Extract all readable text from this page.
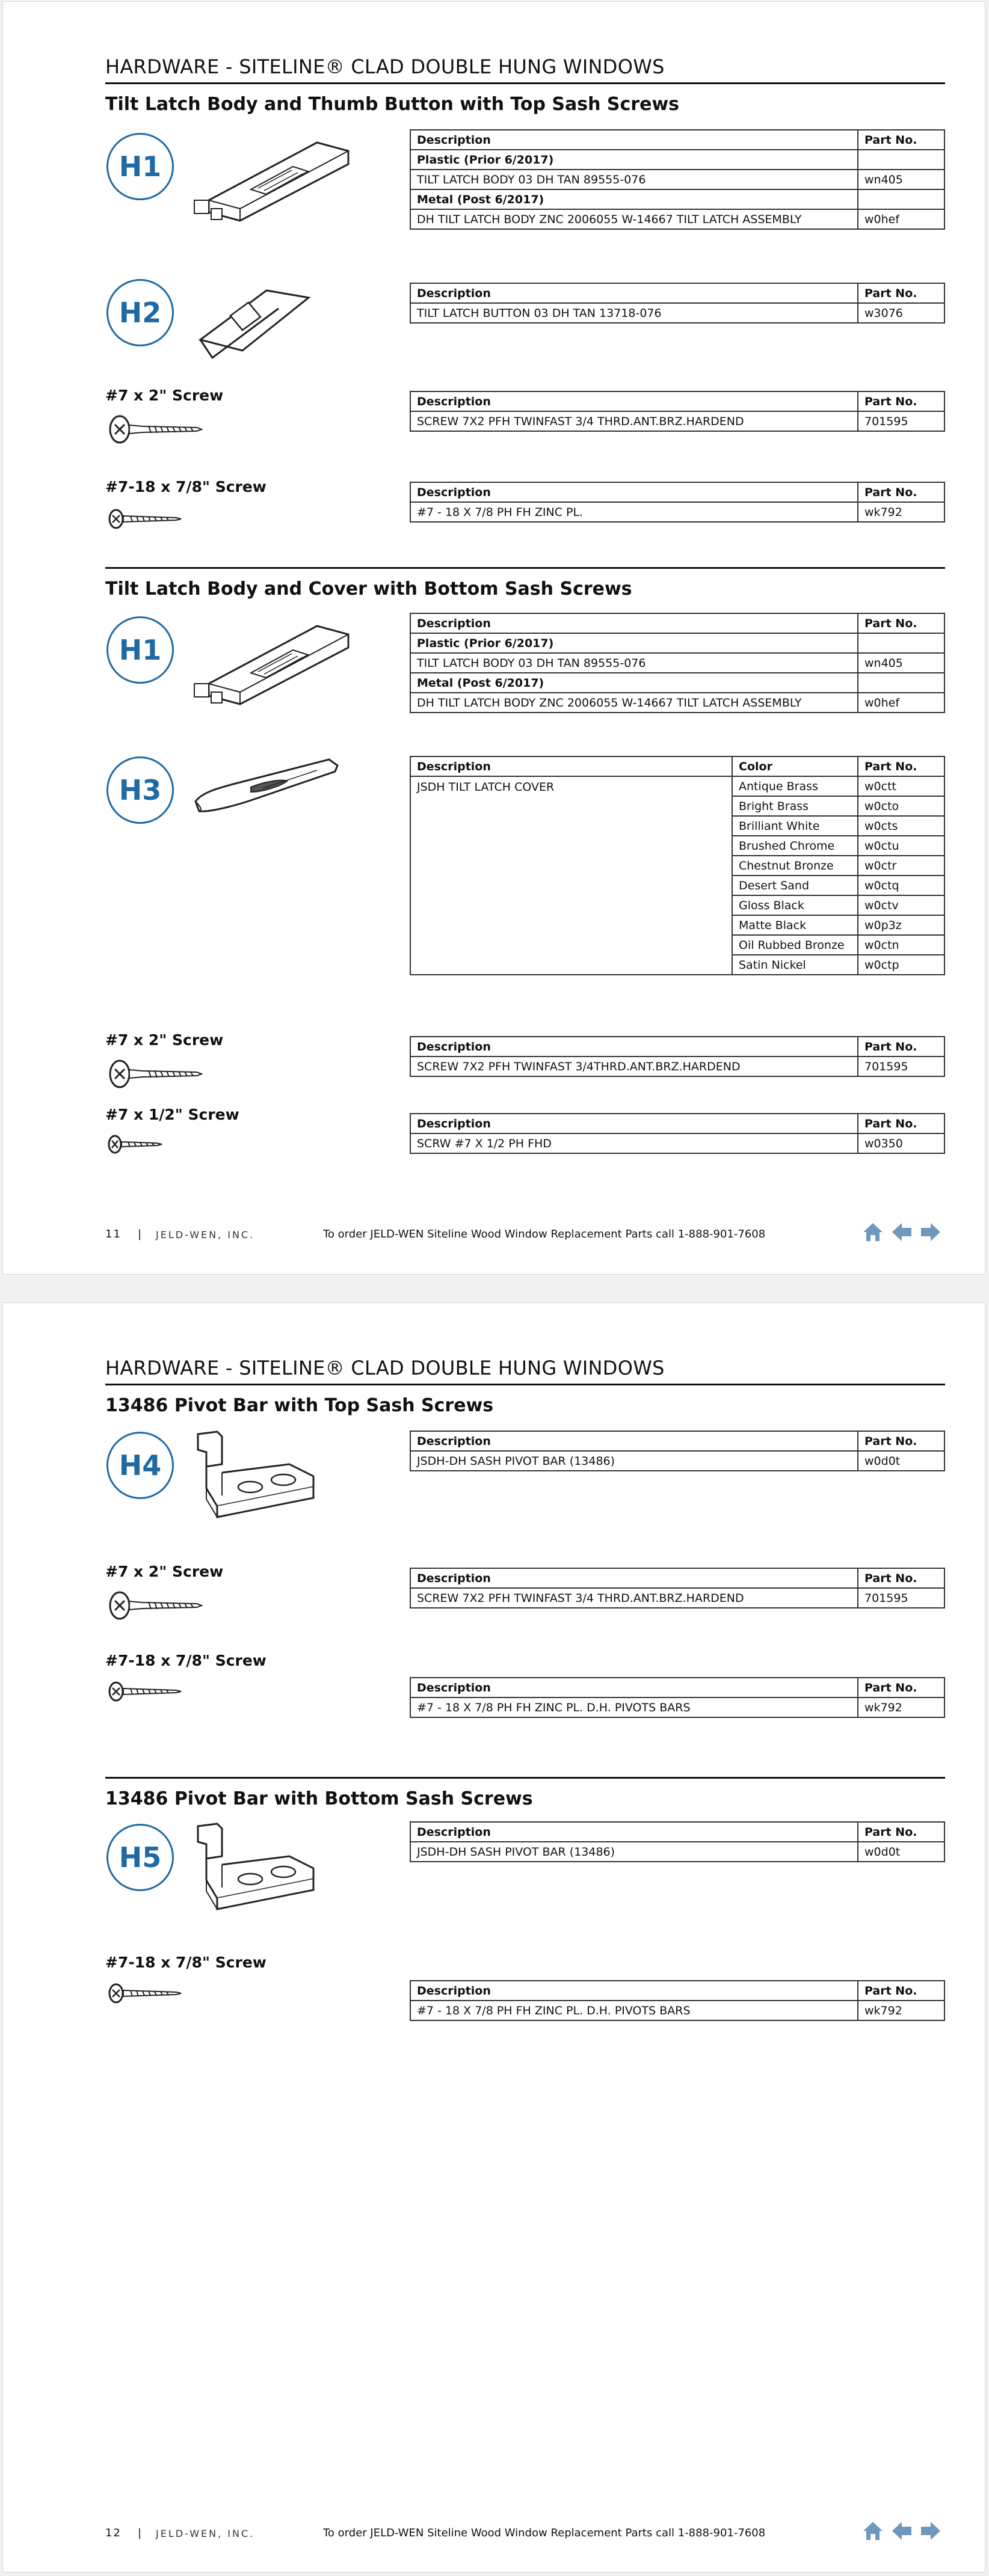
HARDWARE - SITELINE® CLAD DOUBLE HUNG WINDOWS
Tilt Latch Body and Thumb Button with Top Sash Screws
H1
Description	Part No.
Plastic (Prior 6/2017)	
TILT LATCH BODY 03 DH TAN 89555-076	wn405
Metal (Post 6/2017)	
DH TILT LATCH BODY ZNC 2006055 W-14667 TILT LATCH ASSEMBLY	w0hef
H2
Description	Part No.
TILT LATCH BUTTON 03 DH TAN 13718-076	w3076
#7 x 2" Screw	Description	Part No.
SCREW 7X2 PFH TWINFAST 3/4 THRD.ANT.BRZ.HARDEND	701595
#7-18 x 7/8" Screw	Description	Part No.
#7 - 18 X 7/8 PH FH ZINC PL.	wk792
Tilt Latch Body and Cover with Bottom Sash Screws
H1
Description	Part No.
Plastic (Prior 6/2017)	
TILT LATCH BODY 03 DH TAN 89555-076	wn405
Metal (Post 6/2017)	
DH TILT LATCH BODY ZNC 2006055 W-14667 TILT LATCH ASSEMBLY	w0hef
H3
Description	Color	Part No.
JSDH TILT LATCH COVER	Antique Brass	w0ctt
	Bright Brass	w0cto
	Brilliant White	w0cts
	Brushed Chrome	w0ctu
	Chestnut Bronze	w0ctr
	Desert Sand	w0ctq
	Gloss Black	w0ctv
	Matte Black	w0p3z
	Oil Rubbed Bronze	w0ctn
	Satin Nickel	w0ctp
#7 x 2" Screw	Description	Part No.
SCREW 7X2 PFH TWINFAST 3/4THRD.ANT.BRZ.HARDEND	701595
#7 x 1/2" Screw
Description	Part No.
SCRW #7 X 1/2 PH FHD	w0350
11 | JELD-WEN, INC.	To order JELD-WEN Siteline Wood Window Replacement Parts call 1-888-901-7608
HARDWARE - SITELINE® CLAD DOUBLE HUNG WINDOWS
13486 Pivot Bar with Top Sash Screws
H4
Description	Part No.
JSDH-DH SASH PIVOT BAR (13486)	w0d0t
#7 x 2" Screw	Description	Part No.
SCREW 7X2 PFH TWINFAST 3/4 THRD.ANT.BRZ.HARDEND	701595
#7-18 x 7/8" Screw
Description	Part No.
#7 - 18 X 7/8 PH FH ZINC PL. D.H. PIVOTS BARS	wk792
13486 Pivot Bar with Bottom Sash Screws
H5
Description	Part No.
JSDH-DH SASH PIVOT BAR (13486)	w0d0t
#7-18 x 7/8" Screw
Description	Part No.
#7 - 18 X 7/8 PH FH ZINC PL. D.H. PIVOTS BARS	wk792
12 | JELD-WEN, INC.	To order JELD-WEN Siteline Wood Window Replacement Parts call 1-888-901-7608
